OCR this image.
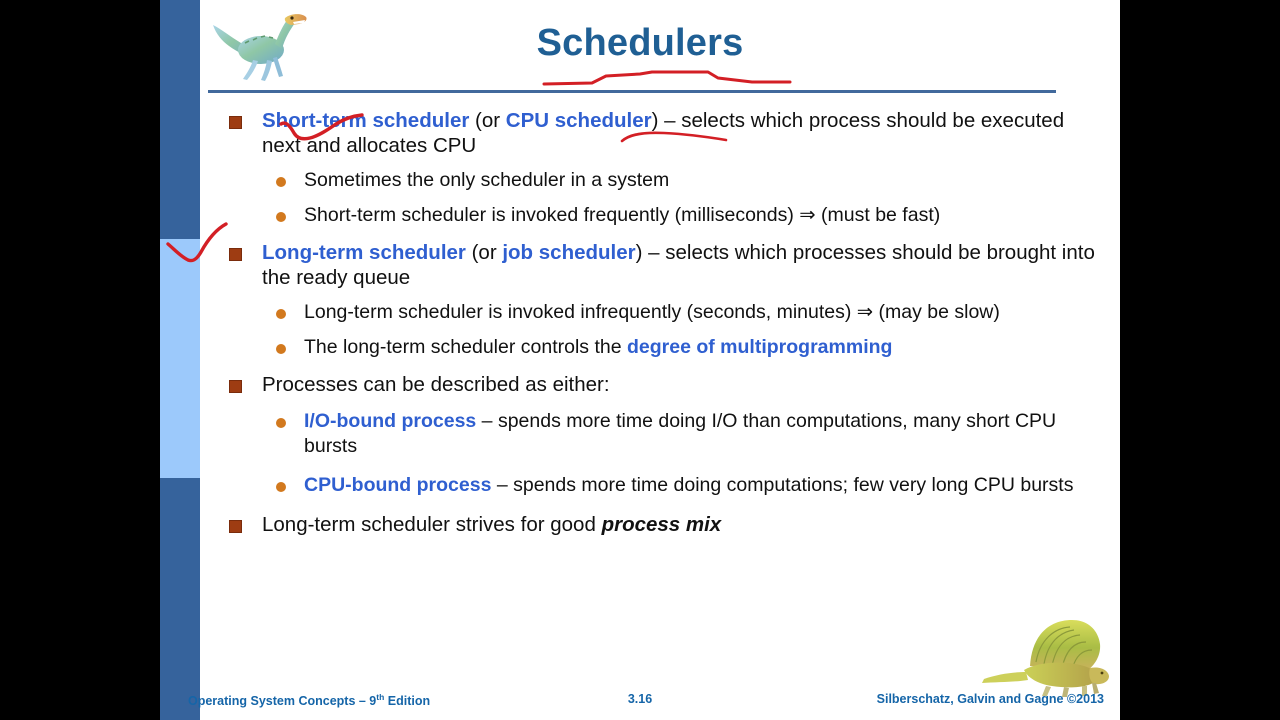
Schedulers
Short-term scheduler (or CPU scheduler) – selects which process should be executed next and allocates CPU
Sometimes the only scheduler in a system
Short-term scheduler is invoked frequently (milliseconds) ⇒ (must be fast)
Long-term scheduler (or job scheduler) – selects which processes should be brought into the ready queue
Long-term scheduler is invoked infrequently (seconds, minutes) ⇒ (may be slow)
The long-term scheduler controls the degree of multiprogramming
Processes can be described as either:
I/O-bound process – spends more time doing I/O than computations, many short CPU bursts
CPU-bound process – spends more time doing computations; few very long CPU bursts
Long-term scheduler strives for good process mix
Operating System Concepts – 9th Edition	3.16	Silberschatz, Galvin and Gagne ©2013
